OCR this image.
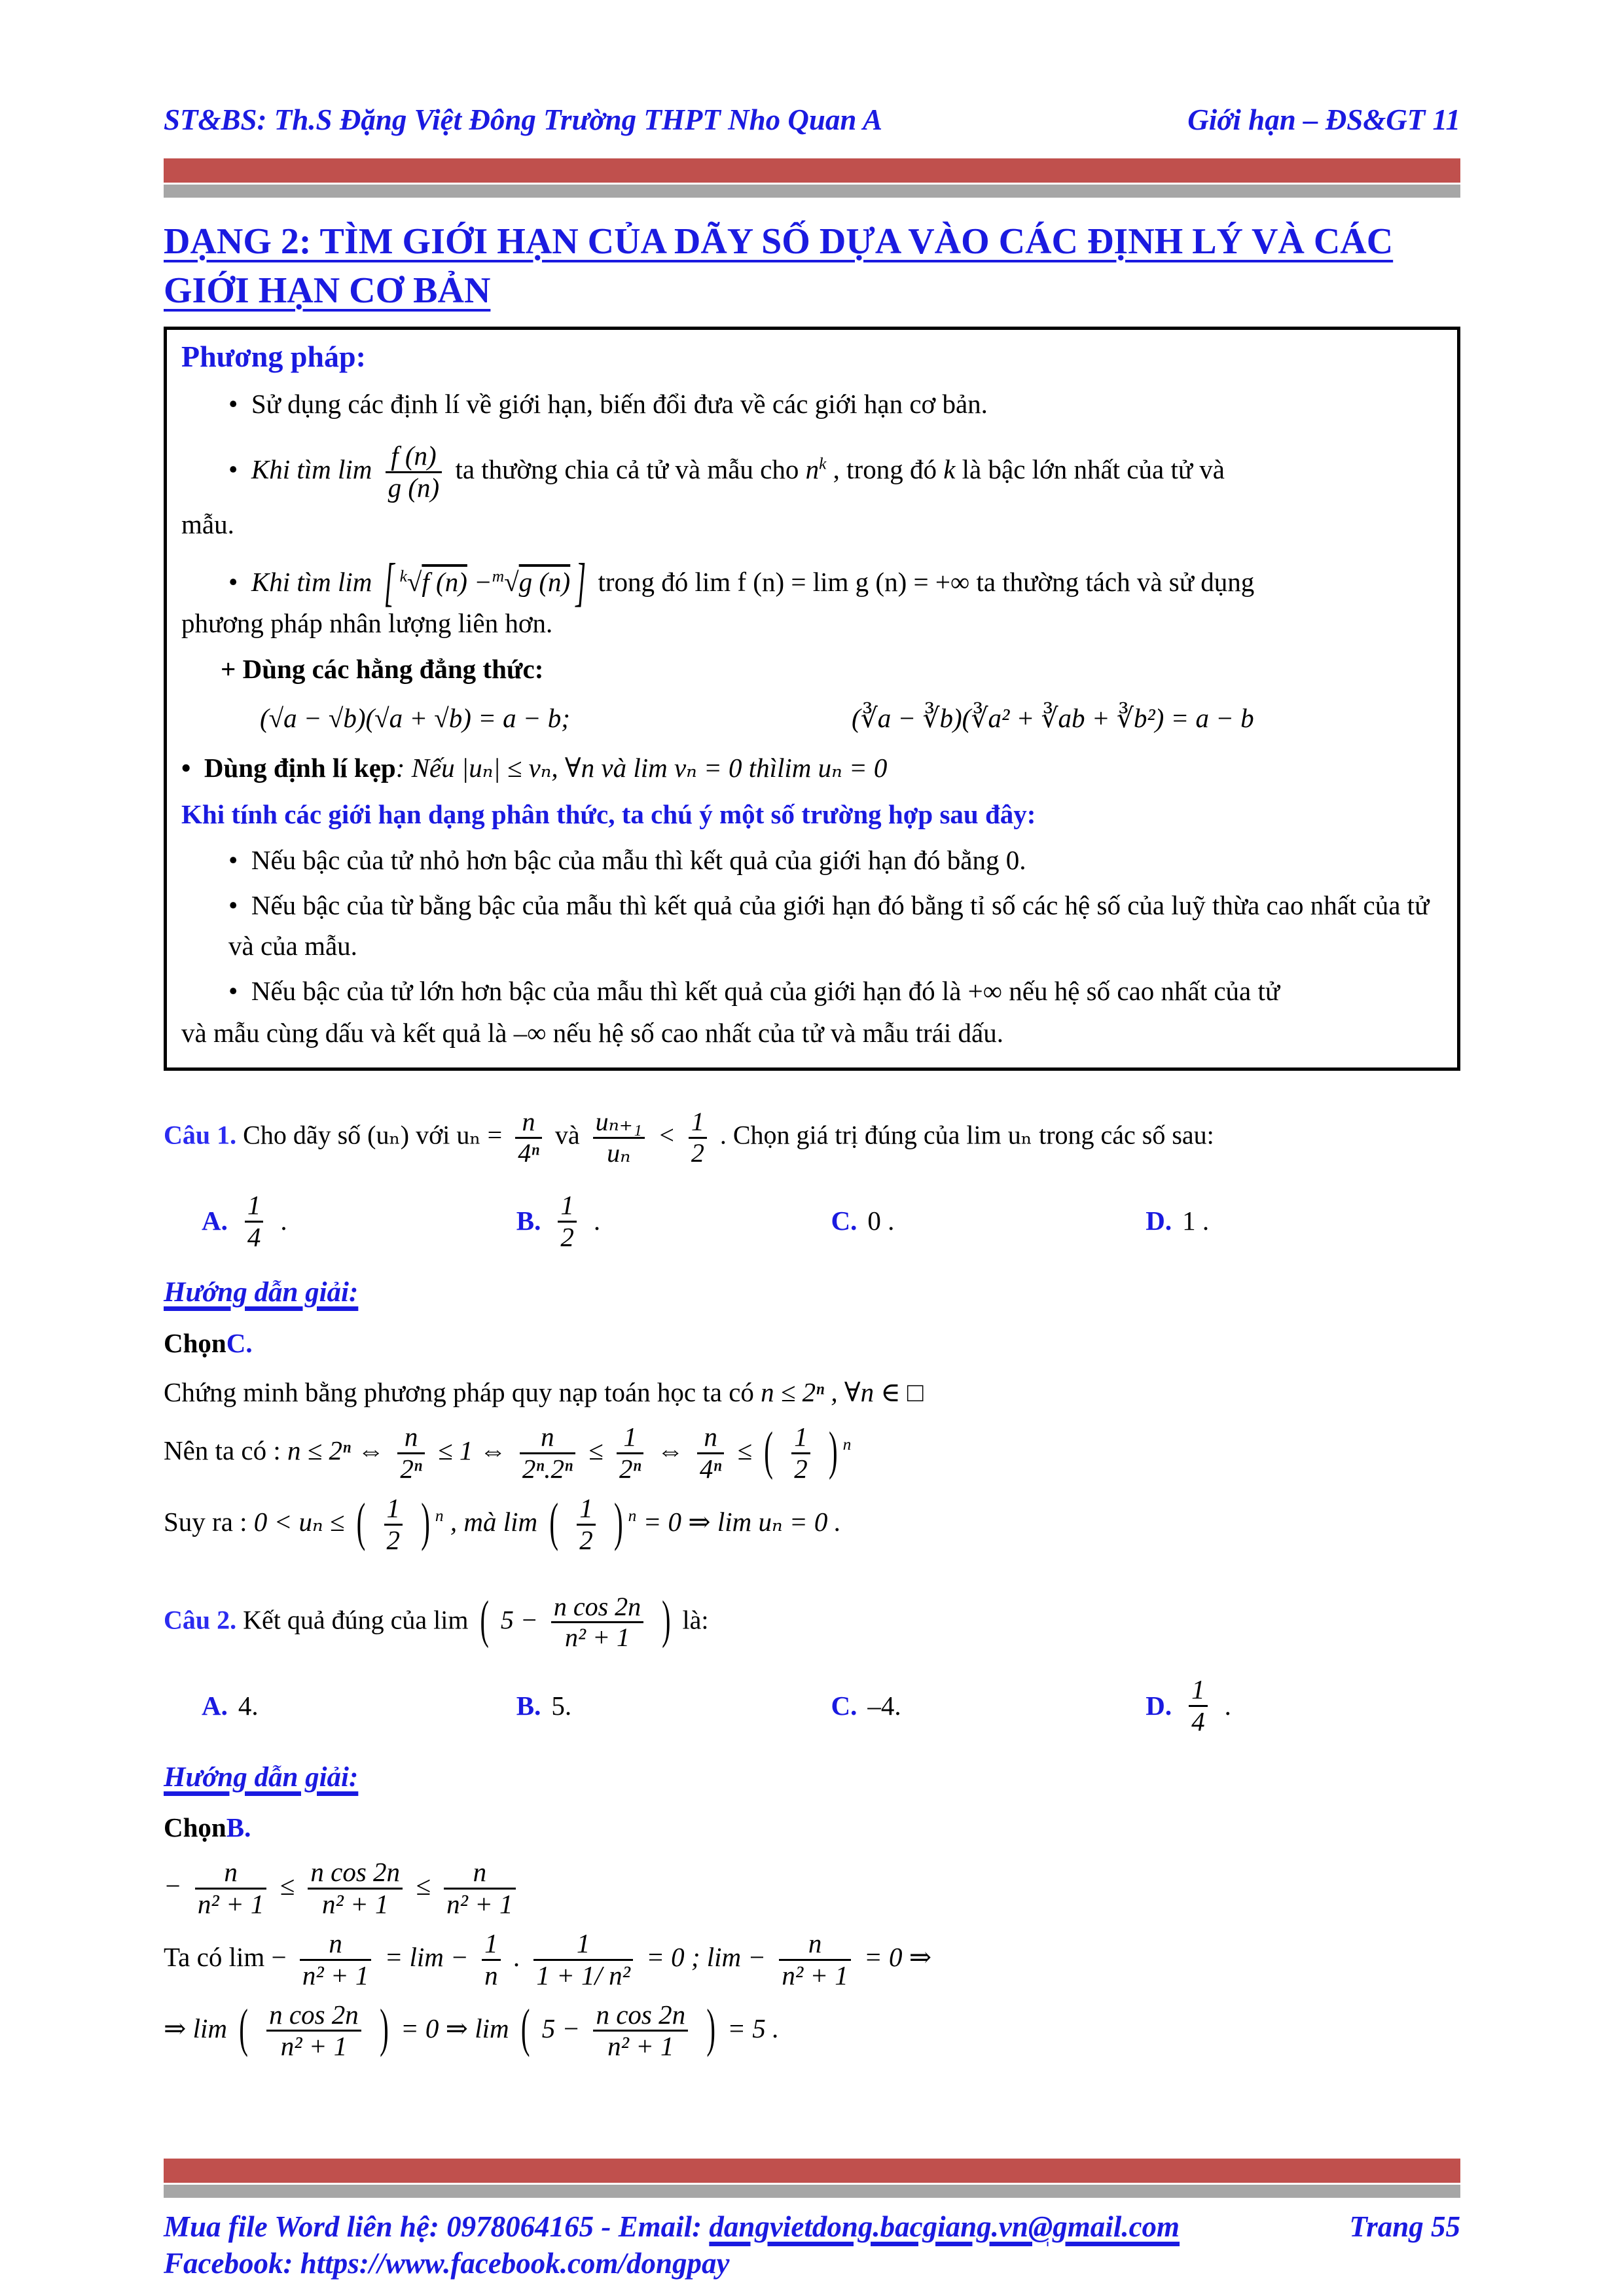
ST&BS: Th.S Đặng Việt Đông Trường THPT Nho Quan A	Giới hạn – ĐS&GT 11
DẠNG 2: TÌM GIỚI HẠN CỦA DÃY SỐ DỰA VÀO CÁC ĐỊNH LÝ VÀ CÁC
GIỚI HẠN CƠ BẢN
Phương pháp:
• Sử dụng các định lí về giới hạn, biến đổi đưa về các giới hạn cơ bản.
• Khi tìm $\lim \frac{f (n)}{g (n)}$ ta thường chia cả tử và mẫu cho $n^k$ , trong đó k là bậc lớn nhất của tử và
mẫu.
• Khi tìm lim [ $^k$√f (n) −$^m$√g (n) ] trong đó lim f (n) = lim g (n) = +∞ ta thường tách và sử dụng
phương pháp nhân lượng liên hơn.
+ Dùng các hằng đẳng thức:
(√a − √b)(√a + √b) = a − b;	(∛a − ∛b)(∛a² + ∛ab + ∛b²) = a − b
• Dùng định lí kẹp: Nếu |uₙ| ≤ vₙ, ∀n và lim vₙ = 0 thìlim uₙ = 0
Khi tính các giới hạn dạng phân thức, ta chú ý một số trường hợp sau đây:
• Nếu bậc của tử nhỏ hơn bậc của mẫu thì kết quả của giới hạn đó bằng 0.
• Nếu bậc của từ bằng bậc của mẫu thì kết quả của giới hạn đó bằng tỉ số các hệ số của luỹ thừa cao nhất của tử và của mẫu.
• Nếu bậc của tử lớn hơn bậc của mẫu thì kết quả của giới hạn đó là +∞ nếu hệ số cao nhất của tử
và mẫu cùng dấu và kết quả là –∞ nếu hệ số cao nhất của tử và mẫu trái dấu.
Câu 1. Cho dãy số (uₙ) với $u_n = \frac{n}{\text{4ⁿ}}$ và $\frac{\text{uₙ₊₁}}{\text{uₙ}} < \frac{1}{2}$ . Chọn giá trị đúng của lim uₙ trong các số sau:
A. $\frac{1}{4}$ .	B. $\frac{1}{2}$ .	C. 0 .	D. 1 .
Hướng dẫn giải:
ChọnC.
Chứng minh bằng phương pháp quy nạp toán học ta có n ≤ 2ⁿ , ∀n ∈ □
Nên ta có : n ≤ 2ⁿ ⇔ $\frac{n}{\text{2ⁿ}} \le 1$ ⇔ $\frac{n}{\text{2ⁿ.2ⁿ}} \le \frac{1}{\text{2ⁿ}}$ ⇔ $\frac{n}{\text{4ⁿ}}$ ≤ ( $\frac{1}{2}$ ) $^n$
Suy ra : 0 < uₙ ≤ ( $\frac{1}{2}$ ) $^n$ , mà lim ( $\frac{1}{2}$ ) $^n$ = 0 ⇒ lim uₙ = 0 .
Câu 2. Kết quả đúng của lim ( $5 - \frac{\text{n cos 2n}}{\text{n² + 1}}$ ) là:
A. 4.	B. 5.	C. –4.	D. $\frac{1}{4}$ .
Hướng dẫn giải:
ChọnB.
− $\frac{n}{\text{n² + 1}} \le \frac{\text{n cos 2n}}{\text{n² + 1}} \le \frac{n}{\text{n² + 1}}$
Ta có $\lim - \frac{n}{\text{n² + 1}} = \lim - \frac{1}{n}$ . $\frac{1}{\text{1 + 1/ n²}} = 0$ ; $\lim - \frac{n}{\text{n² + 1}} = 0$ ⇒
⇒ lim ( $\frac{\text{n cos 2n}}{\text{n² + 1}}$ ) = 0 ⇒ lim ( $5 - \frac{\text{n cos 2n}}{\text{n² + 1}}$ ) = 5 .
Mua file Word liên hệ: 0978064165 - Email: dangvietdong.bacgiang.vn@gmail.com	Trang 55
Facebook: https://www.facebook.com/dongpay
